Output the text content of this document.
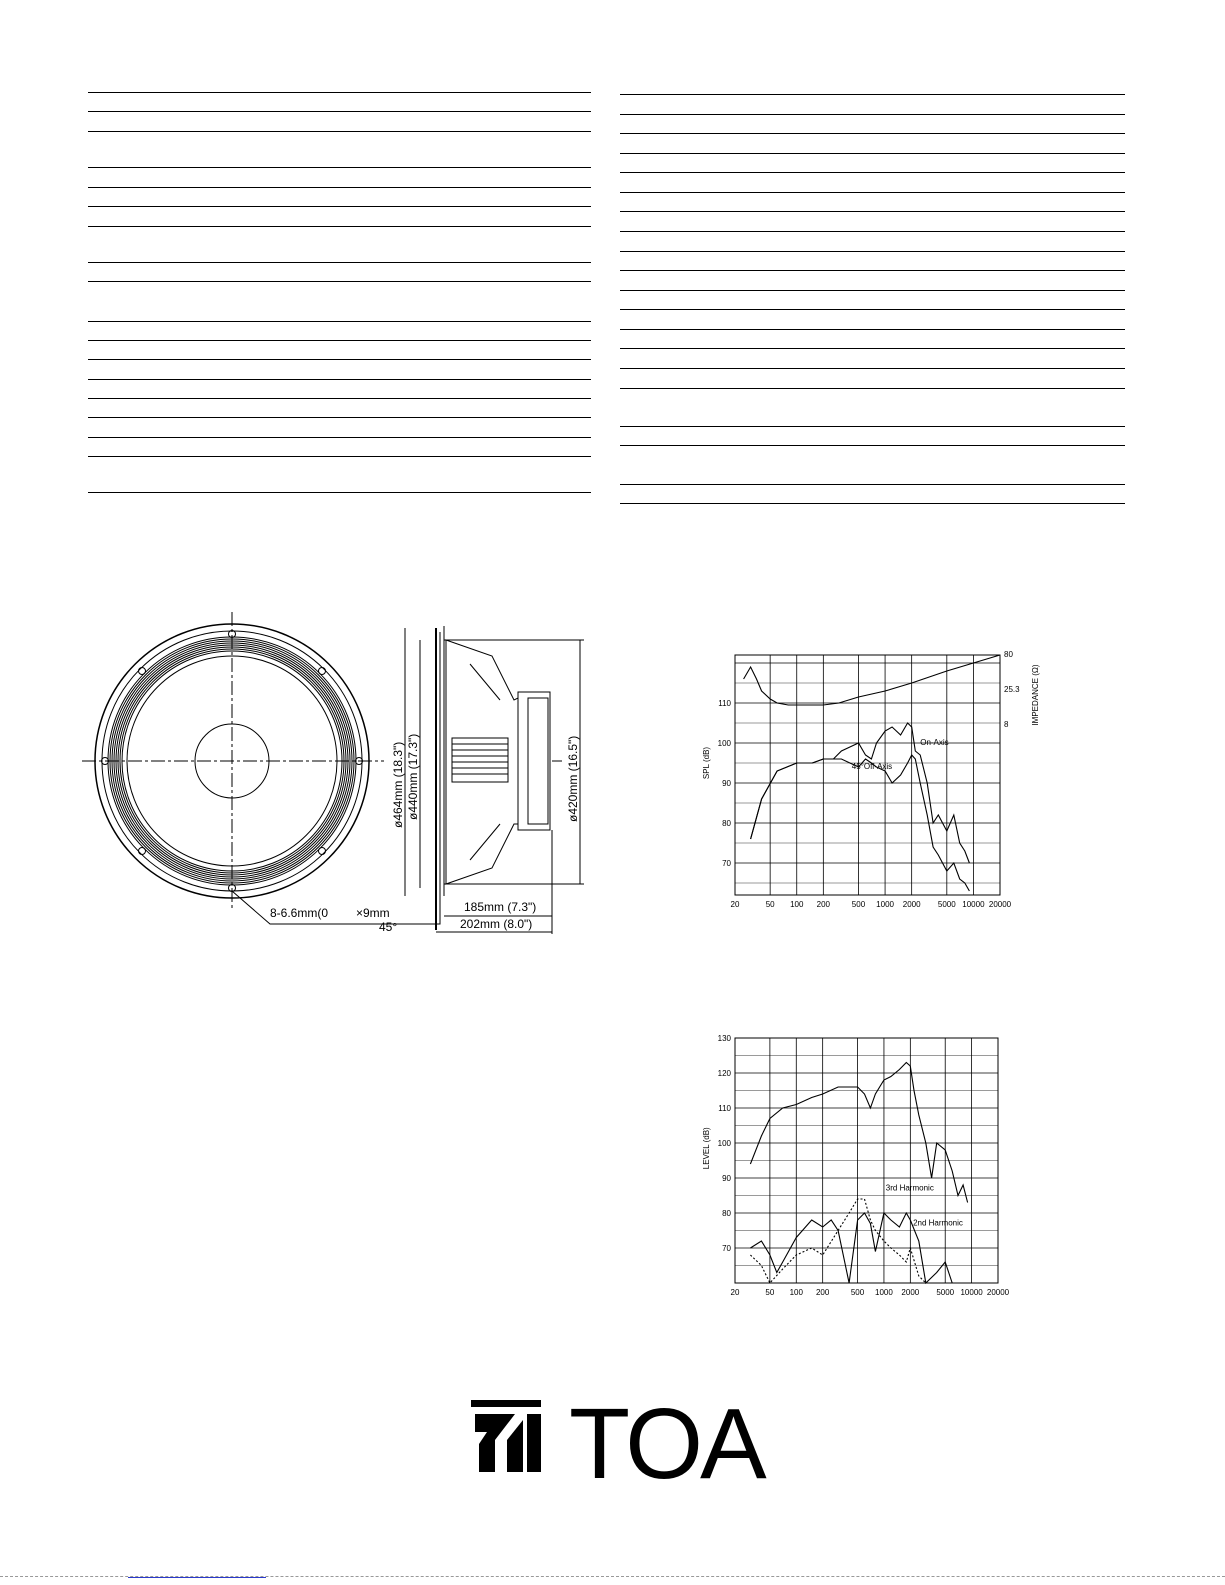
8-6.6mm(0 ×9mm
45°
185mm (7.3")
202mm (8.0")
ø464mm (18.3") ø440mm (17.3")	ø420mm (16.5")
20	50 100 200	500 1000 2000 5000 10000 20000
70
80
90
100
110
SPL (dB)
80
25.3
8	IMPEDANCE (Ω)
On-Axis
45°Off-Axis
20	50 100 200	500 1000 2000 5000 10000 20000
70
80
90
100
110
120
130
LEVEL (dB)
3rd Harmonic
2nd Harmonic
TOA
